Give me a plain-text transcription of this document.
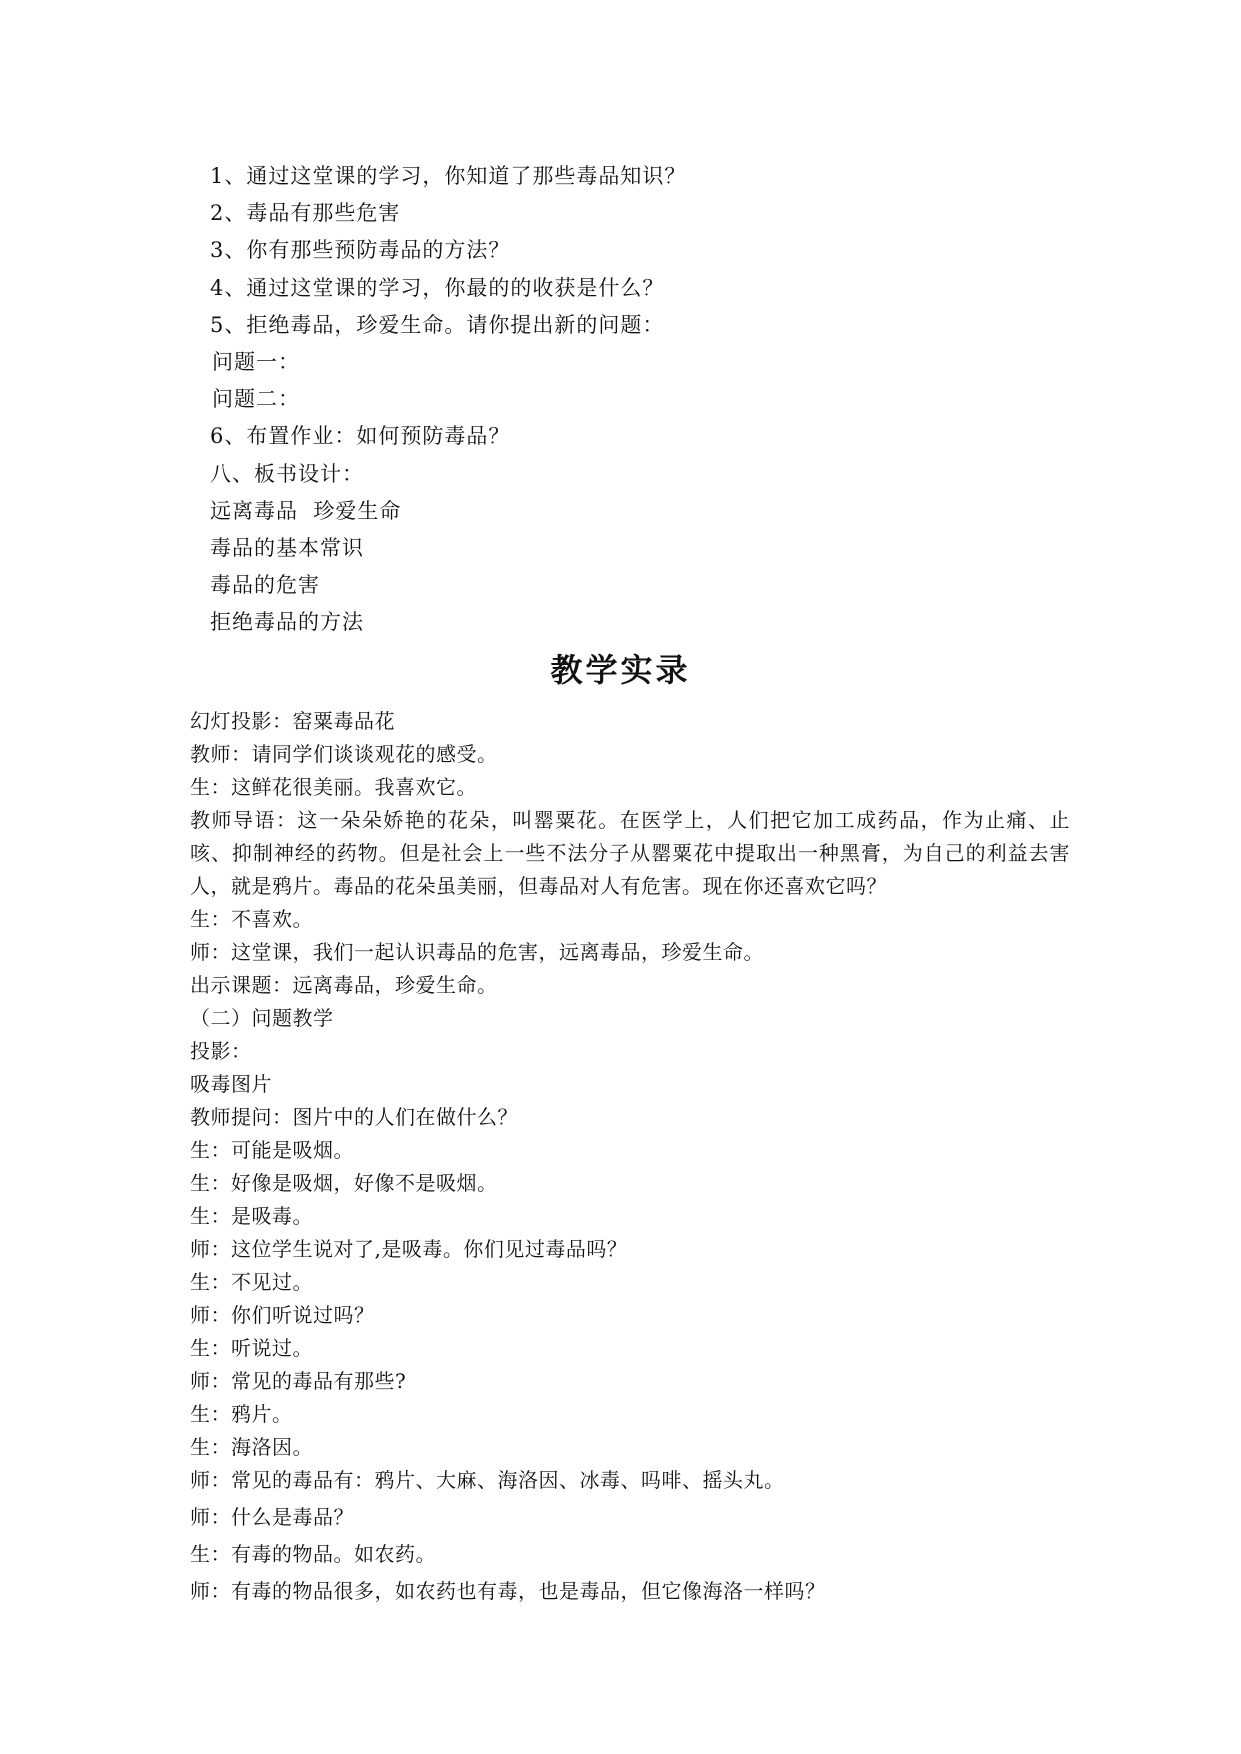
1、通过这堂课的学习，你知道了那些毒品知识？
2、毒品有那些危害
3、你有那些预防毒品的方法？
4、通过这堂课的学习，你最的的收获是什么？
5、拒绝毒品，珍爱生命。请你提出新的问题：
问题一：
问题二：
6、布置作业：如何预防毒品？
八、板书设计：
远离毒品  珍爱生命
毒品的基本常识
毒品的危害
拒绝毒品的方法
教学实录
幻灯投影：窑粟毒品花
教师：请同学们谈谈观花的感受。
生：这鲜花很美丽。我喜欢它。
教师导语：这一朵朵娇艳的花朵，叫罂粟花。在医学上，人们把它加工成药品，作为止痛、止咳、抑制神经的药物。但是社会上一些不法分子从罂粟花中提取出一种黑膏，为自己的利益去害人，就是鸦片。毒品的花朵虽美丽，但毒品对人有危害。现在你还喜欢它吗？
生：不喜欢。
师：这堂课，我们一起认识毒品的危害，远离毒品，珍爱生命。
出示课题：远离毒品，珍爱生命。
（二）问题教学
投影：
吸毒图片
教师提问：图片中的人们在做什么？
生：可能是吸烟。
生：好像是吸烟，好像不是吸烟。
生：是吸毒。
师：这位学生说对了,是吸毒。你们见过毒品吗？
生：不见过。
师：你们听说过吗？
生：听说过。
师：常见的毒品有那些?
生：鸦片。
生：海洛因。
师：常见的毒品有：鸦片、大麻、海洛因、冰毒、吗啡、摇头丸。
师：什么是毒品？
生：有毒的物品。如农药。
师：有毒的物品很多，如农药也有毒，也是毒品，但它像海洛一样吗？
